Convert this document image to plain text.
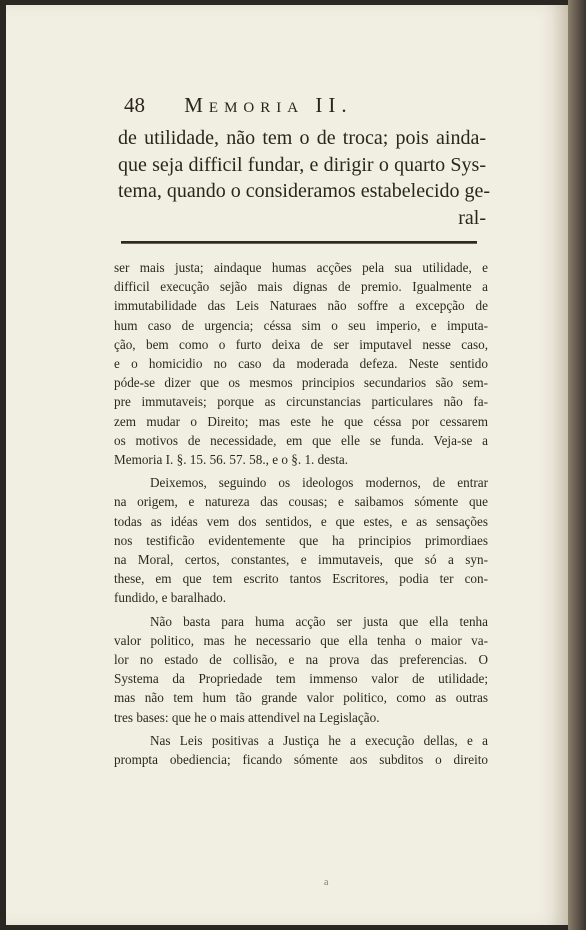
48 Memoria II.
de utilidade, não tem o de troca; pois ainda-
que seja difficil fundar, e dirigir o quarto Sys-
tema, quando o consideramos estabelecido ge-
ral-
ser mais justa; aindaque humas acções pela sua utilidade, e
difficil execução sejão mais dignas de premio. Igualmente a
immutabilidade das Leis Naturaes não soffre a excepção de
hum caso de urgencia; céssa sim o seu imperio, e imputa-
ção, bem como o furto deixa de ser imputavel nesse caso,
e o homicidio no caso da moderada defeza. Neste sentido
póde-se dizer que os mesmos principios secundarios são sem-
pre immutaveis; porque as circunstancias particulares não fa-
zem mudar o Direito; mas este he que céssa por cessarem
os motivos de necessidade, em que elle se funda. Veja-se a
Memoria I. §. 15. 56. 57. 58., e o §. 1. desta.
Deixemos, seguindo os ideologos modernos, de entrar
na origem, e natureza das cousas; e saibamos sómente que
todas as idéas vem dos sentidos, e que estes, e as sensações
nos testificão evidentemente que ha principios primordiaes
na Moral, certos, constantes, e immutaveis, que só a syn-
these, em que tem escrito tantos Escritores, podia ter con-
fundido, e baralhado.
Não basta para huma acção ser justa que ella tenha
valor politico, mas he necessario que ella tenha o maior va-
lor no estado de collisão, e na prova das preferencias. O
Systema da Propriedade tem immenso valor de utilidade;
mas não tem hum tão grande valor politico, como as outras
tres bases: que he o mais attendivel na Legislação.
Nas Leis positivas a Justiça he a execução dellas, e a
prompta obediencia; ficando sómente aos subditos o direito
a
